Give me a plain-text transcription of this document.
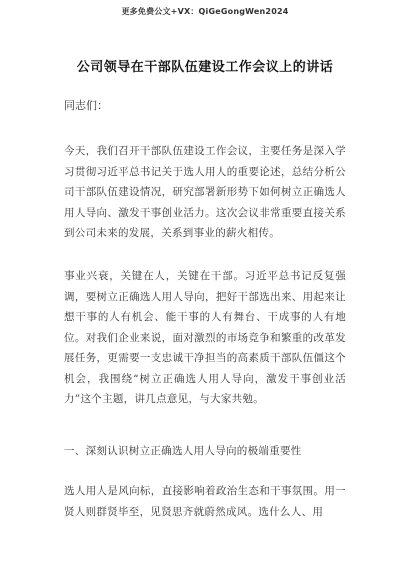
更多免费公文+VX：QiGeGongWen2024
公司领导在干部队伍建设工作会议上的讲话
同志们：
今天，我们召开干部队伍建设工作会议，主要任务是深入学习贯彻习近平总书记关于选人用人的重要论述，总结分析公司干部队伍建设情况，研究部署新形势下如何树立正确选人用人导向、激发干事创业活力。这次会议非常重要直接关系到公司未来的发展，关系到事业的薪火相传。
事业兴衰，关键在人，关键在干部。习近平总书记反复强调，要树立正确选人用人导向，把好干部选出来、用起来让想干事的人有机会、能干事的人有舞台、干成事的人有地位。对我们企业来说，面对激烈的市场竞争和繁重的改革发展任务，更需要一支忠诚干净担当的高素质干部队伍僵这个机会，我围绕“树立正确选人用人导向，激发干事创业活力”这个主题，讲几点意见，与大家共勉。
一、深刻认识树立正确选人用人导向的极端重要性
选人用人是风向标，直接影响着政治生态和干事氛围。用一贤人则群贤毕至，见贤思齐就蔚然成风。选什么人、用
